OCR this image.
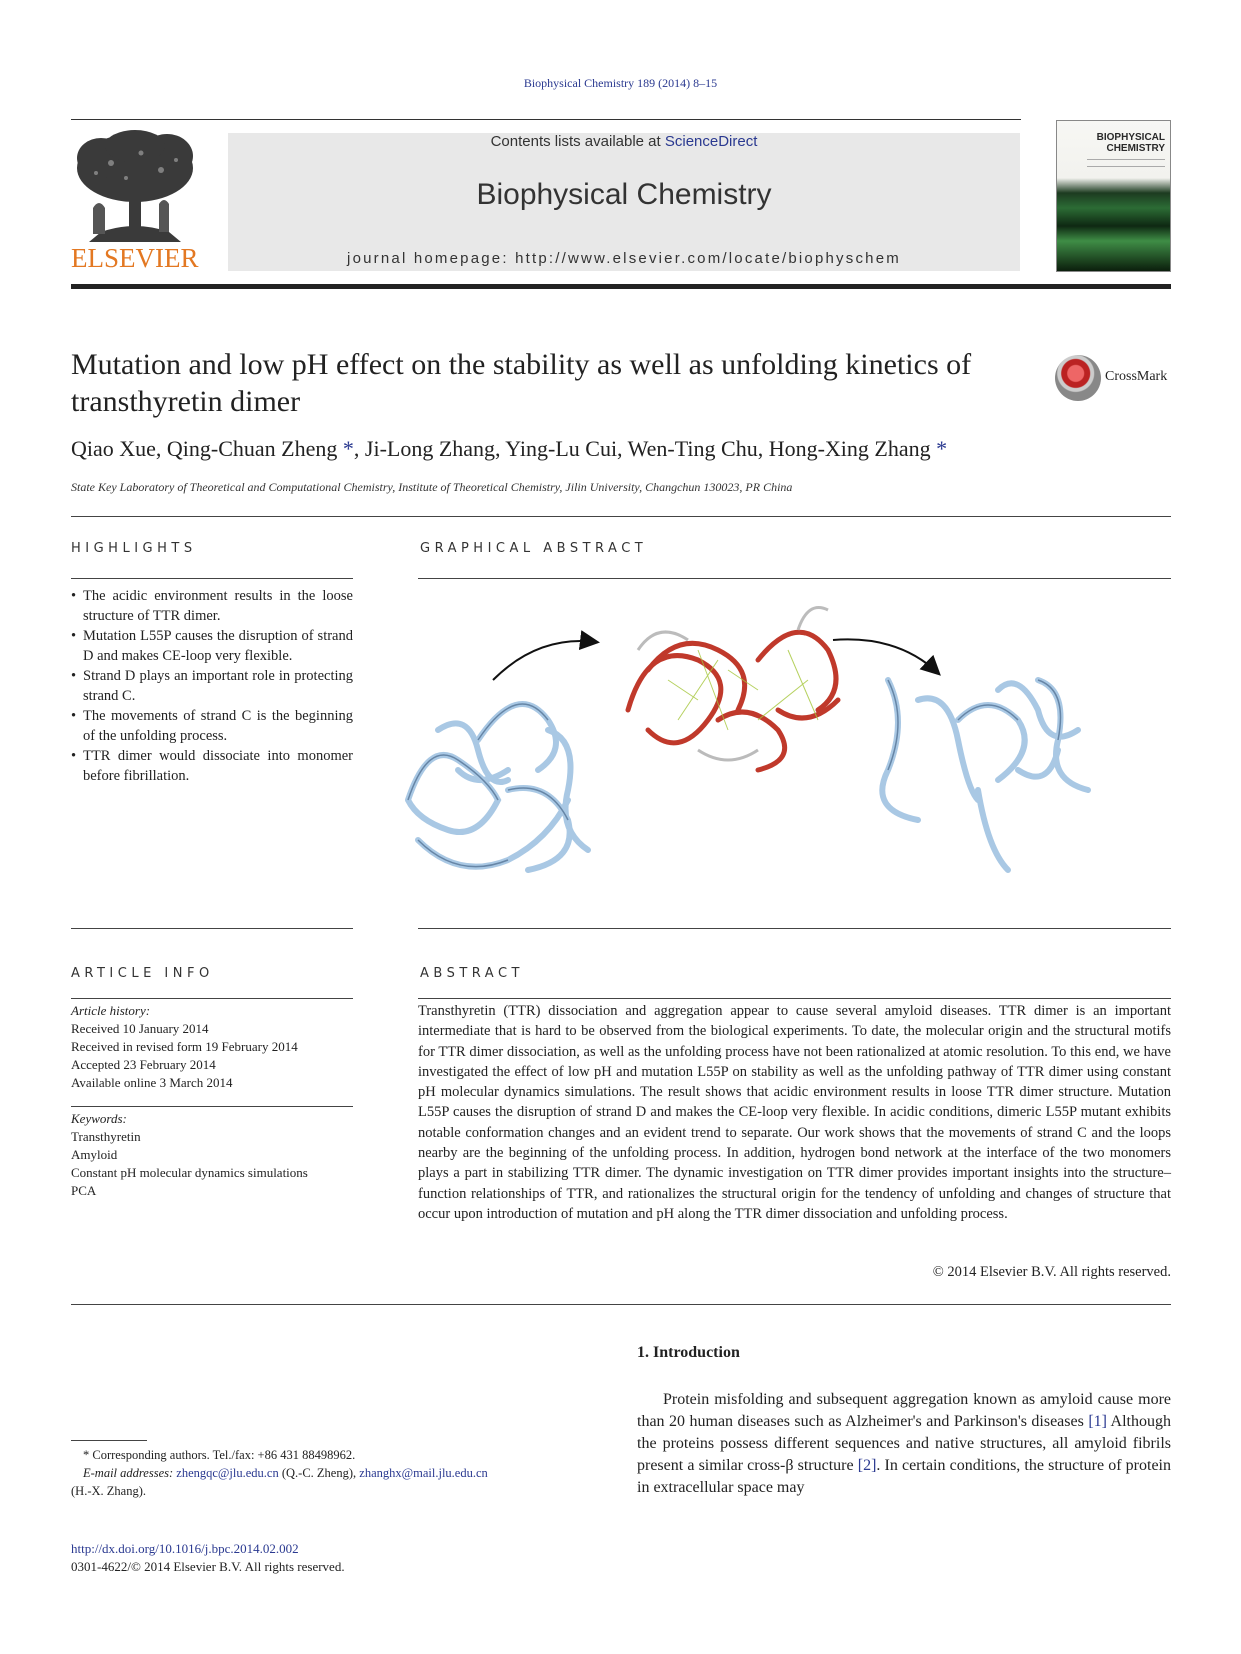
Biophysical Chemistry 189 (2014) 8–15
ELSEVIER
Contents lists available at ScienceDirect
Biophysical Chemistry
journal homepage: http://www.elsevier.com/locate/biophyschem
BIOPHYSICAL
CHEMISTRY
Mutation and low pH effect on the stability as well as unfolding kinetics of transthyretin dimer
CrossMark
Qiao Xue, Qing-Chuan Zheng *, Ji-Long Zhang, Ying-Lu Cui, Wen-Ting Chu, Hong-Xing Zhang *
State Key Laboratory of Theoretical and Computational Chemistry, Institute of Theoretical Chemistry, Jilin University, Changchun 130023, PR China
HIGHLIGHTS	GRAPHICAL ABSTRACT
• The acidic environment results in the loose structure of TTR dimer.
• Mutation L55P causes the disruption of strand D and makes CE-loop very flexible.
• Strand D plays an important role in protecting strand C.
• The movements of strand C is the beginning of the unfolding process.
• TTR dimer would dissociate into monomer before fibrillation.
ARTICLE INFO	ABSTRACT
Article history:
Received 10 January 2014
Received in revised form 19 February 2014
Accepted 23 February 2014
Available online 3 March 2014
Keywords:
Transthyretin
Amyloid
Constant pH molecular dynamics simulations
PCA
Transthyretin (TTR) dissociation and aggregation appear to cause several amyloid diseases. TTR dimer is an important intermediate that is hard to be observed from the biological experiments. To date, the molecular origin and the structural motifs for TTR dimer dissociation, as well as the unfolding process have not been rationalized at atomic resolution. To this end, we have investigated the effect of low pH and mutation L55P on stability as well as the unfolding pathway of TTR dimer using constant pH molecular dynamics simulations. The result shows that acidic environment results in loose TTR dimer structure. Mutation L55P causes the disruption of strand D and makes the CE-loop very flexible. In acidic conditions, dimeric L55P mutant exhibits notable conformation changes and an evident trend to separate. Our work shows that the movements of strand C and the loops nearby are the beginning of the unfolding process. In addition, hydrogen bond network at the interface of the two monomers plays a part in stabilizing TTR dimer. The dynamic investigation on TTR dimer provides important insights into the structure–function relationships of TTR, and rationalizes the structural origin for the tendency of unfolding and changes of structure that occur upon introduction of mutation and pH along the TTR dimer dissociation and unfolding process.
© 2014 Elsevier B.V. All rights reserved.
1. Introduction
Protein misfolding and subsequent aggregation known as amyloid cause more than 20 human diseases such as Alzheimer's and Parkinson's diseases [1] Although the proteins possess different sequences and native structures, all amyloid fibrils present a similar cross-β structure [2]. In certain conditions, the structure of protein in extracellular space may
* Corresponding authors. Tel./fax: +86 431 88498962.
E-mail addresses: zhengqc@jlu.edu.cn (Q.-C. Zheng), zhanghx@mail.jlu.edu.cn
(H.-X. Zhang).
http://dx.doi.org/10.1016/j.bpc.2014.02.002
0301-4622/© 2014 Elsevier B.V. All rights reserved.
